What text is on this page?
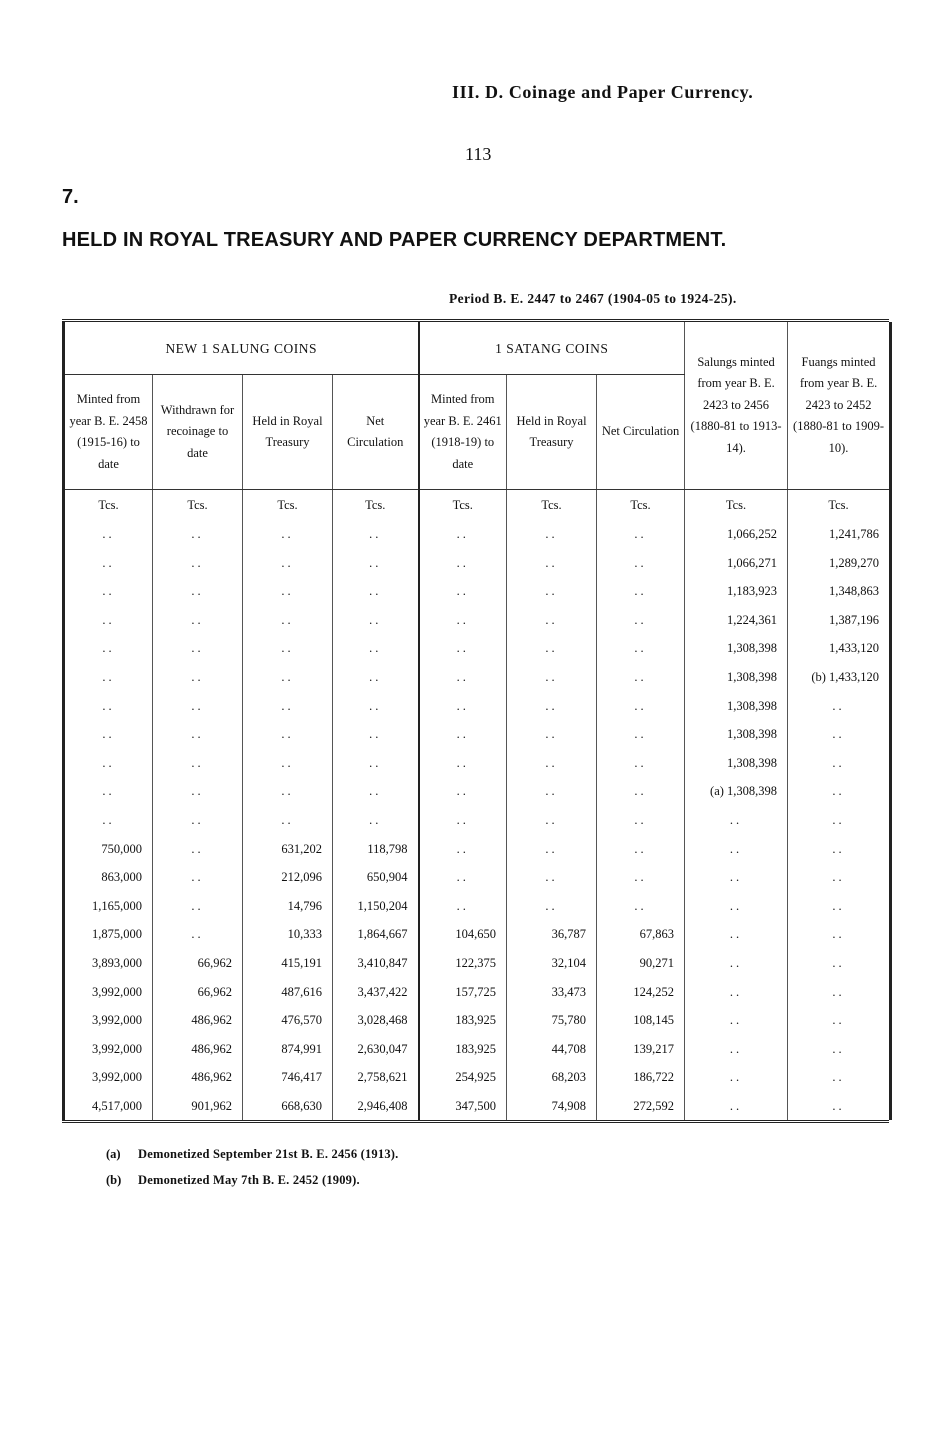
III. D. Coinage and Paper Currency.
113
7.
HELD IN ROYAL TREASURY AND PAPER CURRENCY DEPARTMENT.
Period B. E. 2447 to 2467 (1904-05 to 1924-25).
NEW 1 SALUNG COINS				1 SATANG COINS			Salungs minted from year B. E. 2423 to 2456 (1880-81 to 1913-14).	Fuangs minted from year B. E. 2423 to 2452 (1880-81 to 1909-10).
Minted from year B. E. 2458 (1915-16) to date	Withdrawn for recoinage to date	Held in Royal Treasury	Net Circulation	Minted from year B. E. 2461 (1918-19) to date	Held in Royal Treasury	Net Circulation		
Tcs.	Tcs.	Tcs.	Tcs.	Tcs.	Tcs.	Tcs.	Tcs.	Tcs.
..	..	..	..	..	..	..	1,066,252	1,241,786
..	..	..	..	..	..	..	1,066,271	1,289,270
..	..	..	..	..	..	..	1,183,923	1,348,863
..	..	..	..	..	..	..	1,224,361	1,387,196
..	..	..	..	..	..	..	1,308,398	1,433,120
..	..	..	..	..	..	..	1,308,398	(b) 1,433,120
..	..	..	..	..	..	..	1,308,398	..
..	..	..	..	..	..	..	1,308,398	..
..	..	..	..	..	..	..	1,308,398	..
..	..	..	..	..	..	..	(a) 1,308,398	..
..	..	..	..	..	..	..	..	..
750,000	..	631,202	118,798	..	..	..	..	..
863,000	..	212,096	650,904	..	..	..	..	..
1,165,000	..	14,796	1,150,204	..	..	..	..	..
1,875,000	..	10,333	1,864,667	104,650	36,787	67,863	..	..
3,893,000	66,962	415,191	3,410,847	122,375	32,104	90,271	..	..
3,992,000	66,962	487,616	3,437,422	157,725	33,473	124,252	..	..
3,992,000	486,962	476,570	3,028,468	183,925	75,780	108,145	..	..
3,992,000	486,962	874,991	2,630,047	183,925	44,708	139,217	..	..
3,992,000	486,962	746,417	2,758,621	254,925	68,203	186,722	..	..
4,517,000	901,962	668,630	2,946,408	347,500	74,908	272,592	..	..
(a) Demonetized September 21st B. E. 2456 (1913).
(b) Demonetized May 7th B. E. 2452 (1909).
